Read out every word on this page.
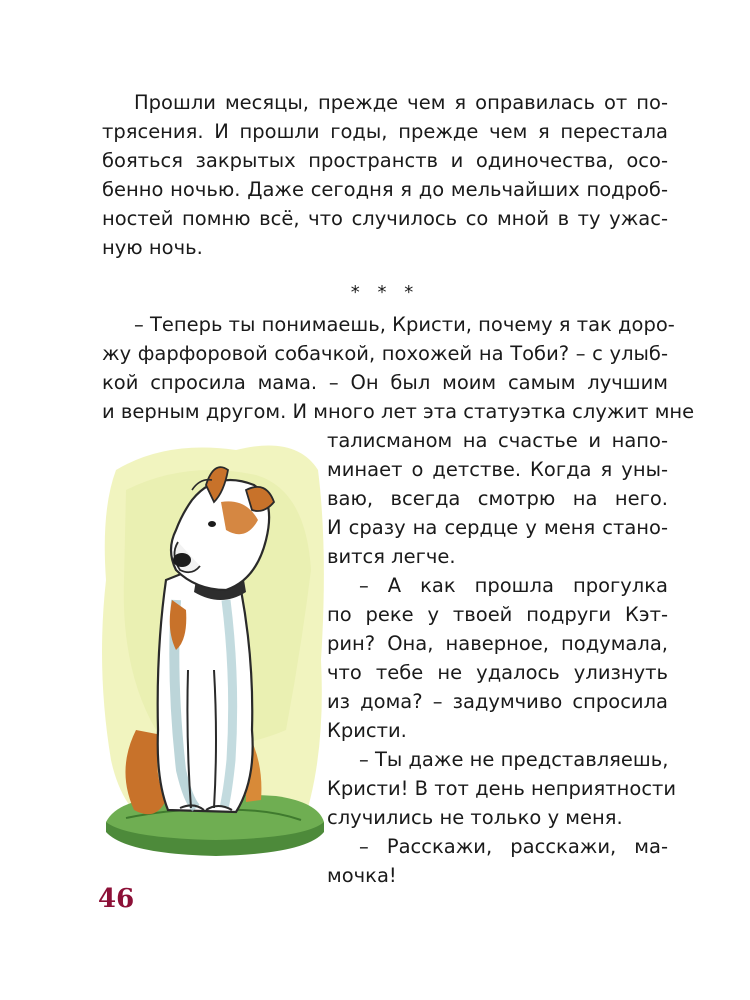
Прошли месяцы, прежде чем я оправилась от по-
трясения. И прошли годы, прежде чем я перестала
бояться закрытых пространств и одиночества, осо-
бенно ночью. Даже сегодня я до мельчайших подроб-
ностей помню всё, что случилось со мной в ту ужас-
ную ночь.
* * *
– Теперь ты понимаешь, Кристи, почему я так доро-
жу фарфоровой собачкой, похожей на Тоби? – с улыб-
кой спросила мама. – Он был моим самым лучшим
и верным другом. И много лет эта статуэтка служит мне
талисманом на счастье и напо-
минает о детстве. Когда я уны-
ваю, всегда смотрю на него.
И сразу на сердце у меня стано-
вится легче.
– А как прошла прогулка
по реке у твоей подруги Кэт-
рин? Она, наверное, подумала,
что тебе не удалось улизнуть
из дома? – задумчиво спросила
Кристи.
– Ты даже не представляешь,
Кристи! В тот день неприятности
случились не только у меня.
– Расскажи, расскажи, ма-
мочка!
46
